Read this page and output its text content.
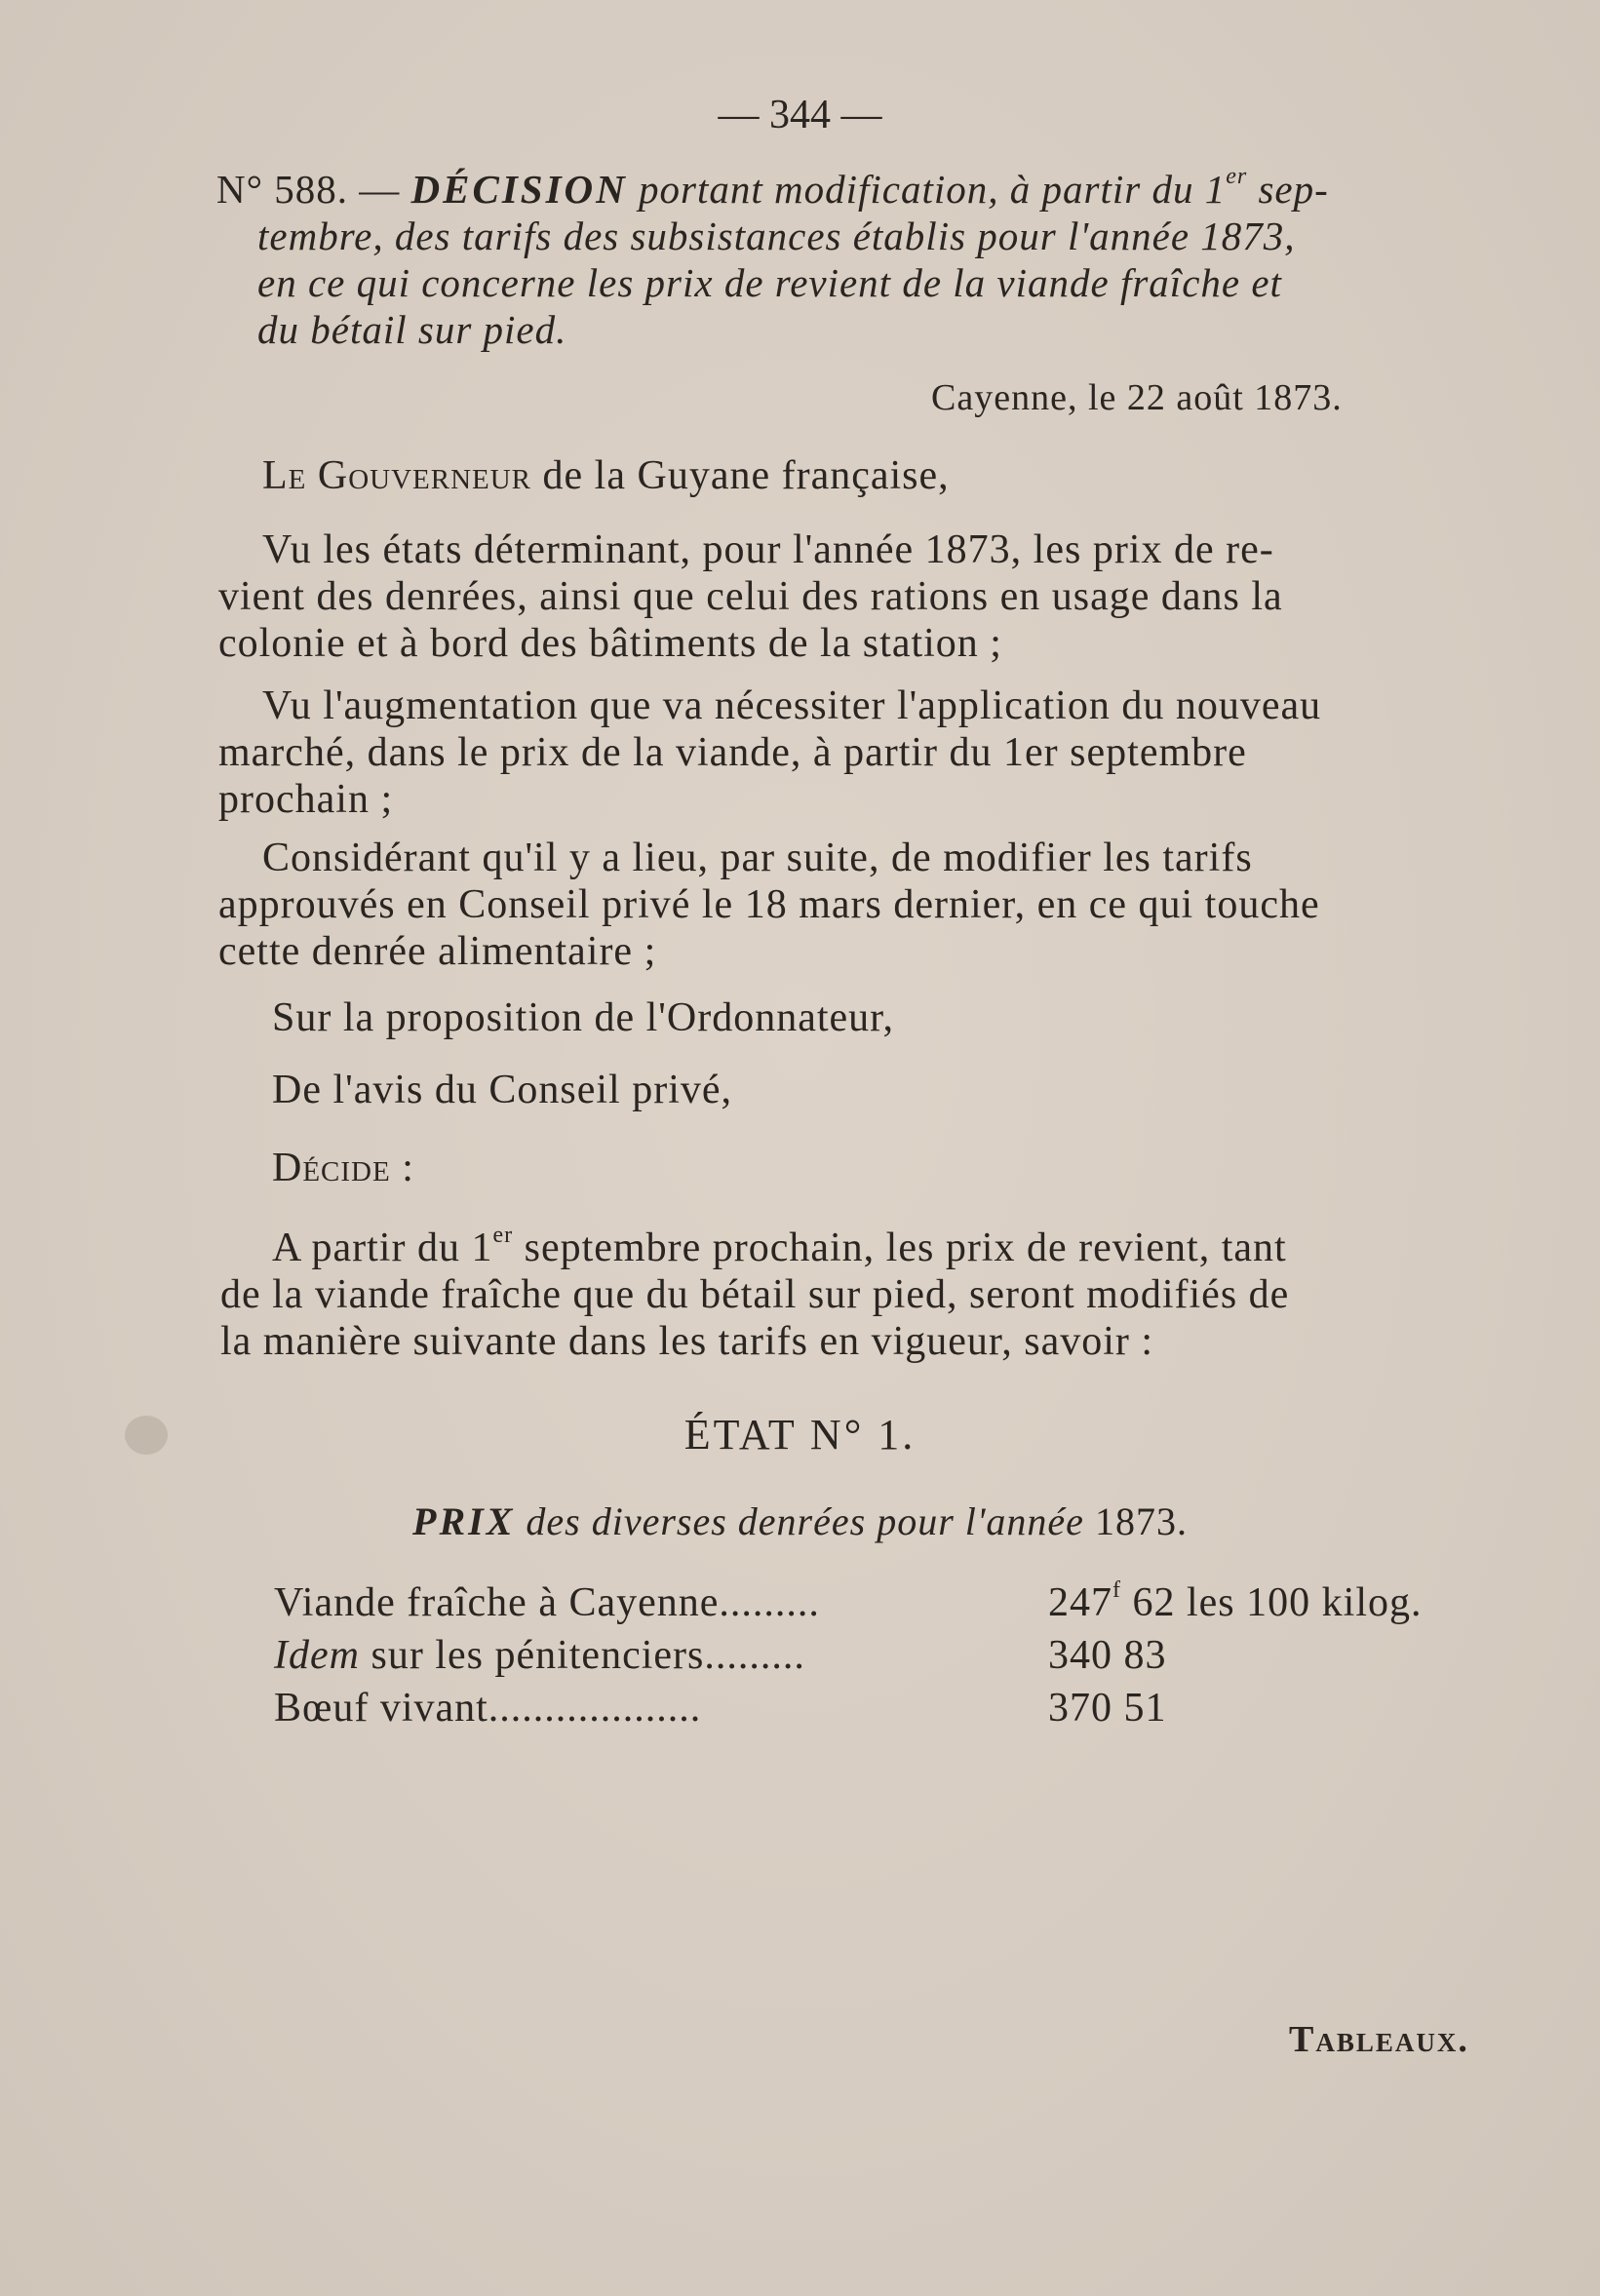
— 344 —

N° 588. — DÉCISION portant modification, à partir du 1er sep-

tembre, des tarifs des subsistances établis pour l'année 1873,

en ce qui concerne les prix de revient de la viande fraîche et

du bétail sur pied.

Cayenne, le 22 août 1873.

Le Gouverneur de la Guyane française,

Vu les états déterminant, pour l'année 1873, les prix de re-

vient des denrées, ainsi que celui des rations en usage dans la

colonie et à bord des bâtiments de la station ;

Vu l'augmentation que va nécessiter l'application du nouveau

marché, dans le prix de la viande, à partir du 1er septembre

prochain ;

Considérant qu'il y a lieu, par suite, de modifier les tarifs

approuvés en Conseil privé le 18 mars dernier, en ce qui touche

cette denrée alimentaire ;

Sur la proposition de l'Ordonnateur,

De l'avis du Conseil privé,

Décide :

A partir du 1er septembre prochain, les prix de revient, tant

de la viande fraîche que du bétail sur pied, seront modifiés de

la manière suivante dans les tarifs en vigueur, savoir :

ÉTAT N° 1.

PRIX des diverses denrées pour l'année 1873.

Viande fraîche à Cayenne.........	247$^f$ 62 les 100 kilog.

Idem sur les pénitenciers.........	340 83

Bœuf vivant...................	370 51

Tableaux.
